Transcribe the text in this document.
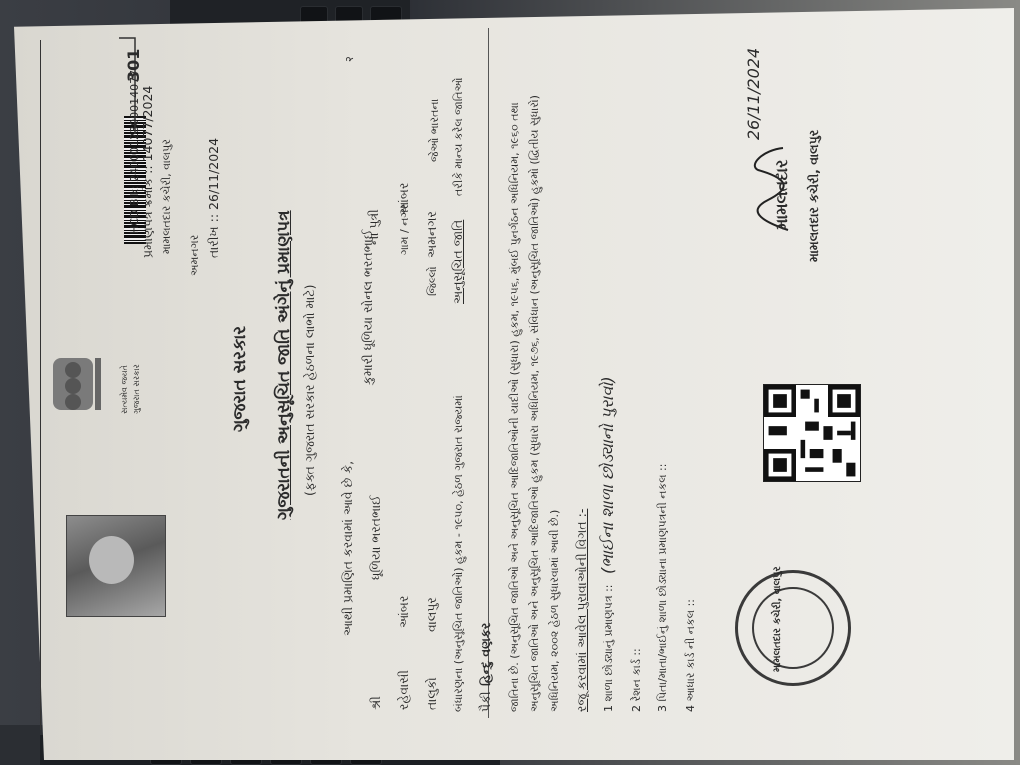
HCD Blk: 2400012300014077 પ્રમાણપત્ર ક્રમાંક :: 14077/2024
301
મામલતદાર કચેરી, વાલપુર
અમનગર તારીખ :: 26/11/2024
२
સત્યમેવ જયતે ગુજરાત સરકાર	ગુજરાત સરકાર ગુજરાતની અનુસૂચિત જાતિ અંગેનું પ્રમાણપત્ર (ફક્ત ગુજરાત સરકાર હેઠળના લાભો માટે)
આથી પ્રમાણિત કરવામાં આવે છે કે,
શ્રી
ધૂળિયા ભરતભાઈ
કુમારી ધૂળિયા સોનલ ભરતભાઈ
ના પુત્રી
રહેવાસી
આંબર
ગામ / નગર
આંબર
તાલુકો
વાલપુર
જિલ્લો
અમનગર
જેઓ ભારતના
બંધારણના (અનુસૂચિત જાતિઓ) હુકમ - ૧૯૫૦, હેઠળ ગુજરાત રાજ્યમાં
અનુસૂચિત જાતિ
તરીકે માન્ય કરેલ જાતિઓ
પૈકી
હિન્દુ વણકર જાતિના છે. (અનુસૂચિત જાતિઓ અને અનુસૂચિત આદિજાતિઓની યાદીઓ (સુધારા) હુકમ, ૧૯૫૬, મુંબઈ પુનર્ગઠન અધિનિયમ, ૧૯૬૦ તથા અનુસૂચિત જાતિઓ અને અનુસૂચિત આદિજાતિઓ હુકમ (સુધારા અધિનિયમ, ૧૯૭૬, સંવિધાન (અનુસૂચિત જાતિઓ) હુકમો (દ્વિતીય સુધારો) અધિનિયમ, ૨૦૦૨ હેઠળ સુધારવામાં આવી છે.) રજૂ કરવામાં આવેલ પુરાવાઓની વિગત :- 1 શાળા છોડ્યાનું પ્રમાણપત્ર ::
(ભાઈના શાળા છોડ્યાનો પુરાવો)
2 રેશન કાર્ડ :: 3 પિતા/માતા/ભાઈનું શાળા છોડ્યાના પ્રમાણપત્રની નકલ :: 4 આધાર કાર્ડ ની નકલ ::
26/11/2024
મામલતદાર મામલતદાર કચેરી, વાલપુર
મામલતદાર કચેરી, વાલપુર
